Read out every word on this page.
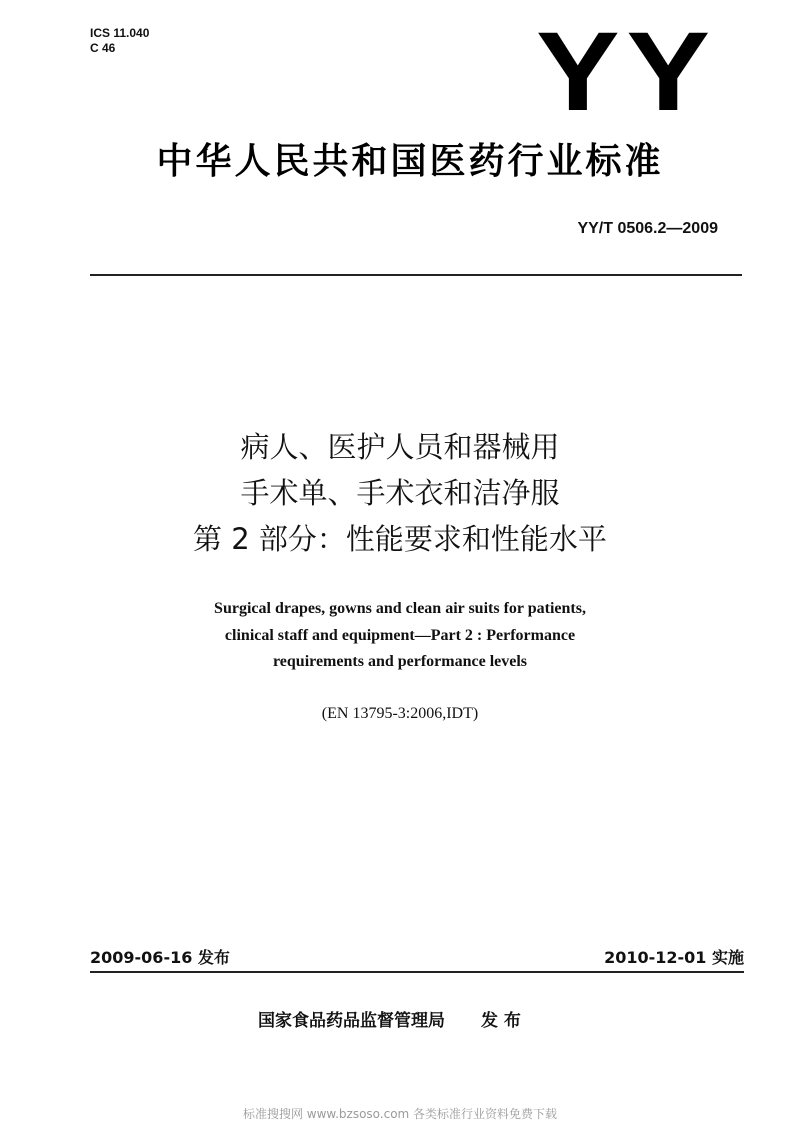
ICS 11.040
C 46	YY
中华人民共和国医药行业标准
YY/T 0506.2—2009
病人、医护人员和器械用
手术单、手术衣和洁净服
第 2 部分：性能要求和性能水平
Surgical drapes, gowns and clean air suits for patients,
clinical staff and equipment—Part 2 : Performance
requirements and performance levels
(EN 13795-3:2006,IDT)
2009-06-16 发布	2010-12-01 实施
国家食品药品监督管理局 发 布
标准搜搜网 www.bzsoso.com 各类标准行业资料免费下载
